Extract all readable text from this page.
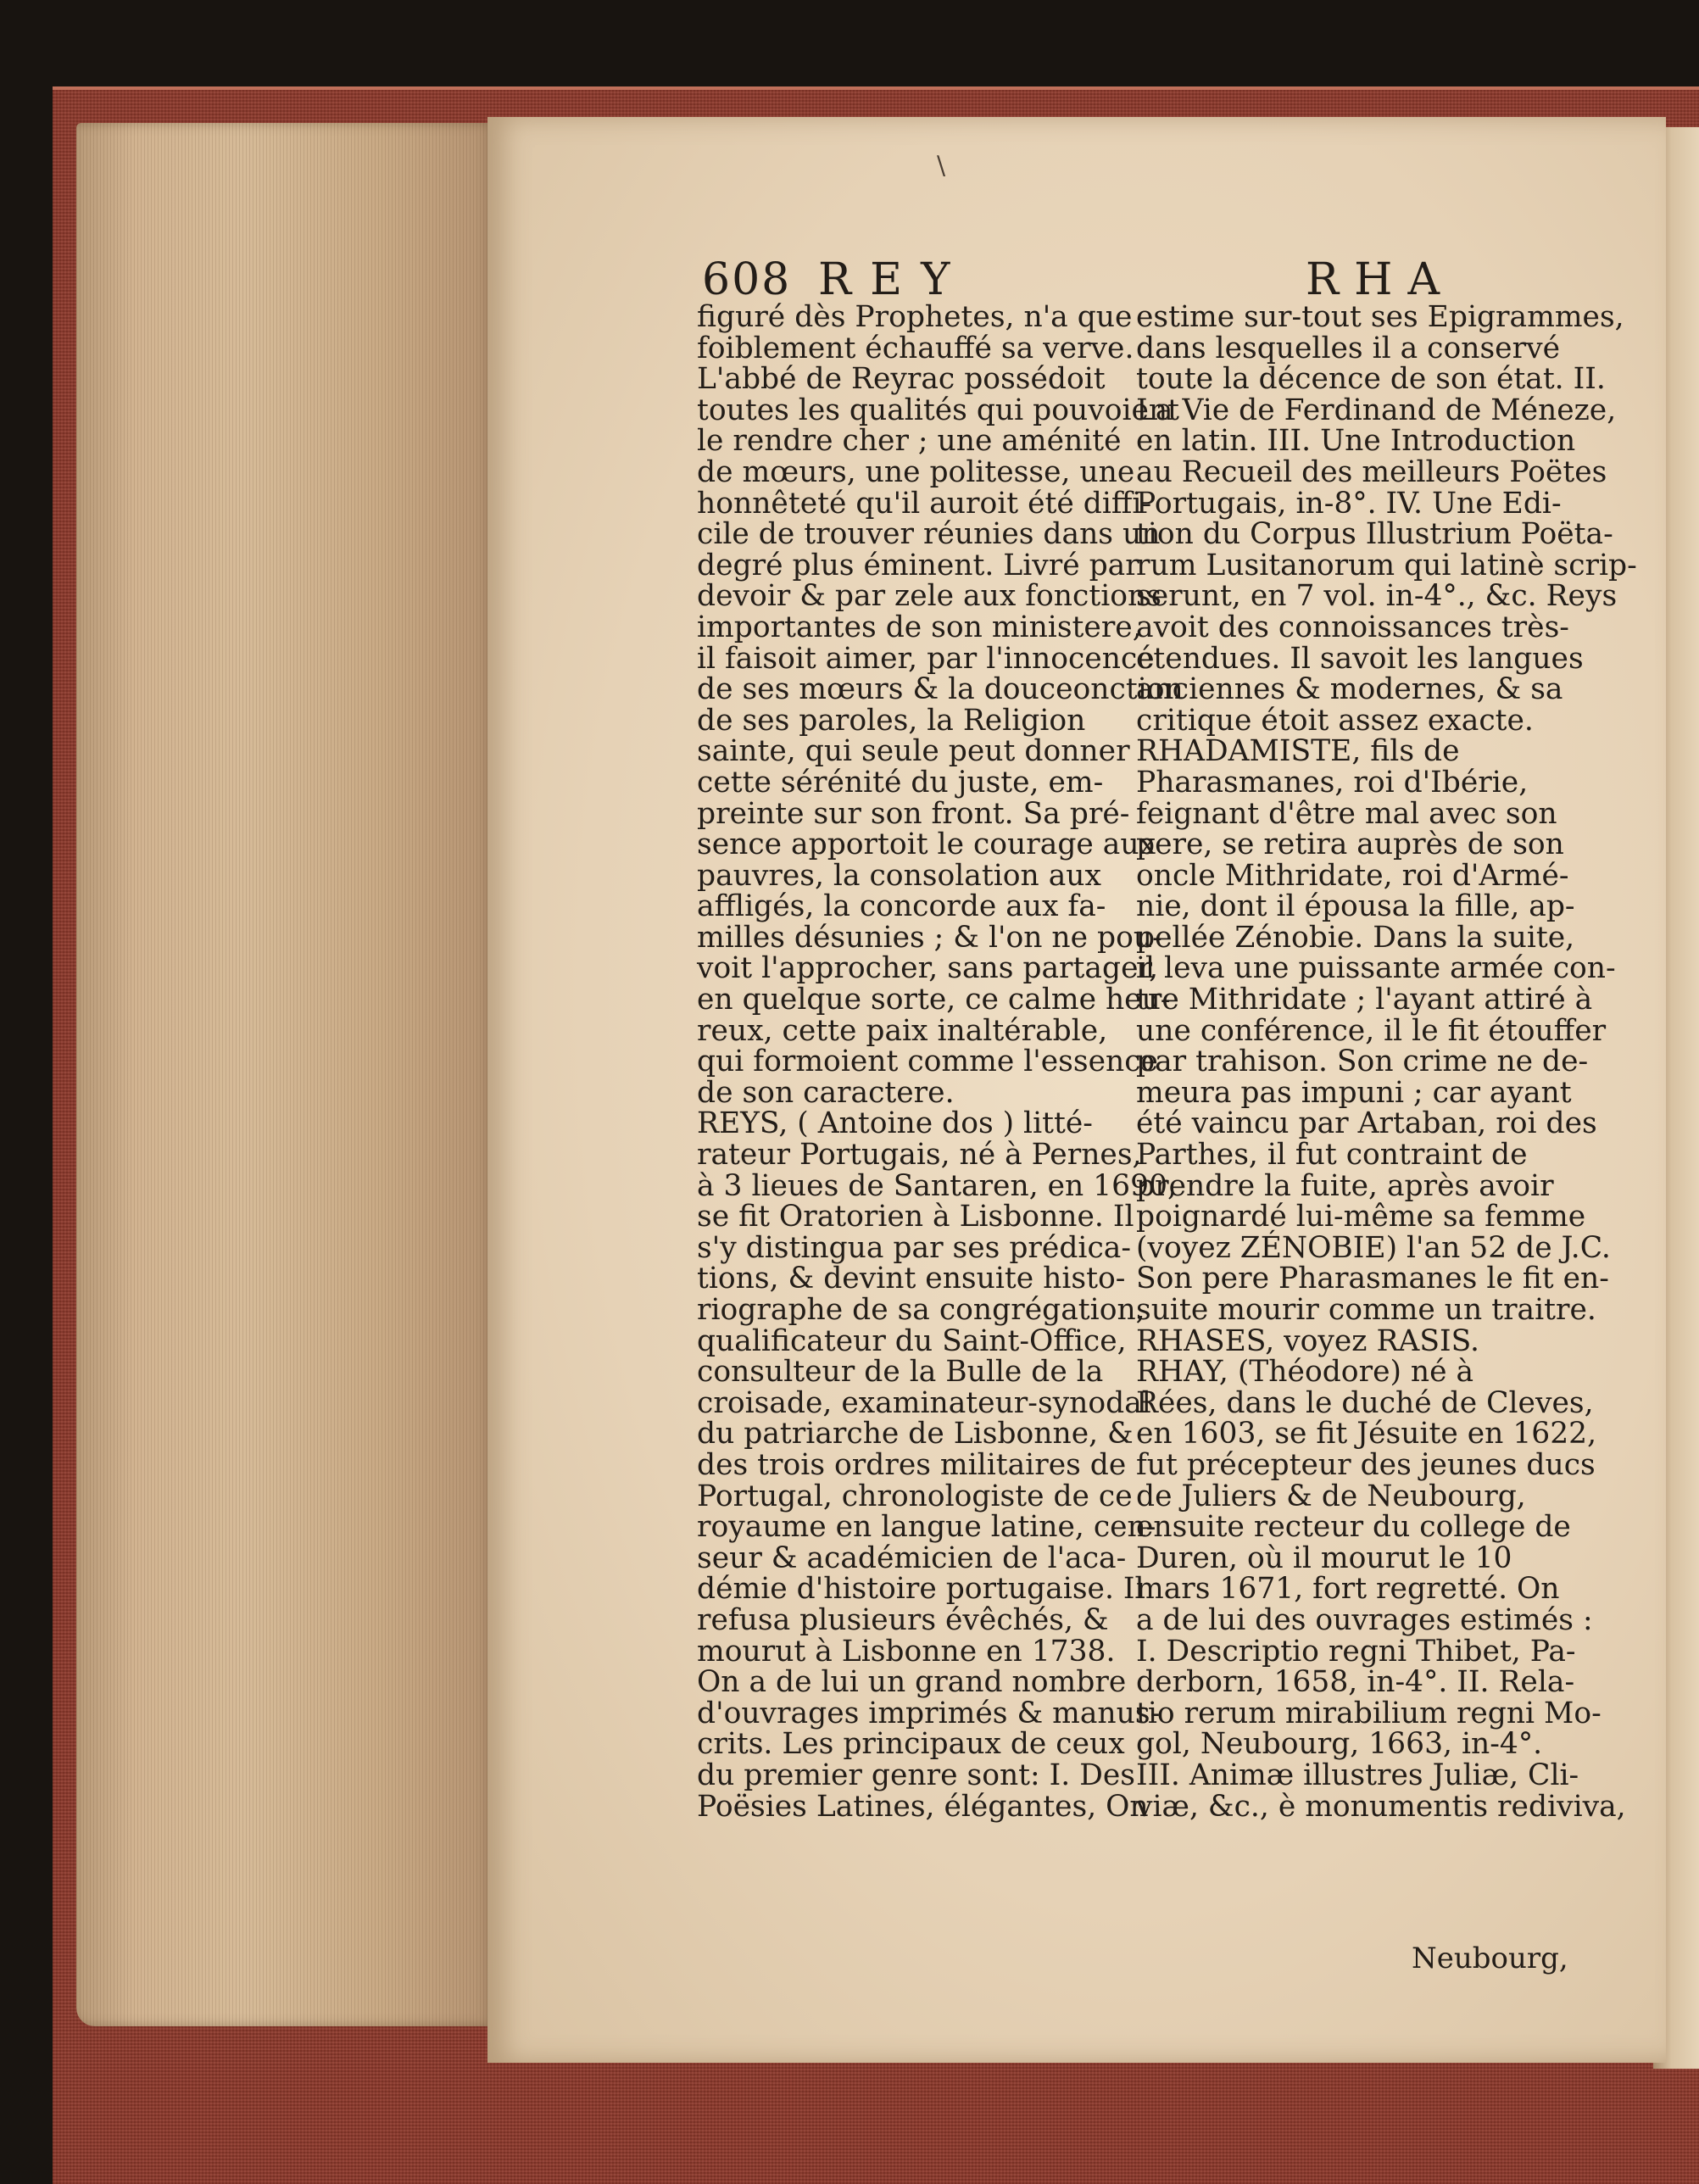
608 REY	RHA
figuré dès Prophetes, n'a que
foiblement échauffé sa verve.
L'abbé de Reyrac possédoit
toutes les qualités qui pouvoient
le rendre cher ; une aménité
de mœurs, une politesse, une
honnêteté qu'il auroit été diffi-
cile de trouver réunies dans un
degré plus éminent. Livré par
devoir & par zele aux fonctions
importantes de son ministere,
il faisoit aimer, par l'innocence
de ses mœurs & la douceonction
de ses paroles, la Religion
sainte, qui seule peut donner
cette sérénité du juste, em-
preinte sur son front. Sa pré-
sence apportoit le courage aux
pauvres, la consolation aux
affligés, la concorde aux fa-
milles désunies ; & l'on ne pou-
voit l'approcher, sans partager,
en quelque sorte, ce calme heu-
reux, cette paix inaltérable,
qui formoient comme l'essence
de son caractere.
REYS, ( Antoine dos ) litté-
rateur Portugais, né à Pernes,
à 3 lieues de Santaren, en 1690,
se fit Oratorien à Lisbonne. Il
s'y distingua par ses prédica-
tions, & devint ensuite histo-
riographe de sa congrégation,
qualificateur du Saint-Office,
consulteur de la Bulle de la
croisade, examinateur-synodal
du patriarche de Lisbonne, &
des trois ordres militaires de
Portugal, chronologiste de ce
royaume en langue latine, cen-
seur & académicien de l'aca-
démie d'histoire portugaise. Il
refusa plusieurs évêchés, &
mourut à Lisbonne en 1738.
On a de lui un grand nombre
d'ouvrages imprimés & manus-
crits. Les principaux de ceux
du premier genre sont: I. Des
Poësies Latines, élégantes, On
estime sur-tout ses Epigrammes,
dans lesquelles il a conservé
toute la décence de son état. II.
La Vie de Ferdinand de Méneze,
en latin. III. Une Introduction
au Recueil des meilleurs Poëtes
Portugais, in-8°. IV. Une Edi-
tion du Corpus Illustrium Poëta-
rum Lusitanorum qui latinè scrip-
serunt, en 7 vol. in-4°., &c. Reys
avoit des connoissances très-
étendues. Il savoit les langues
anciennes & modernes, & sa
critique étoit assez exacte.
RHADAMISTE, fils de
Pharasmanes, roi d'Ibérie,
feignant d'être mal avec son
pere, se retira auprès de son
oncle Mithridate, roi d'Armé-
nie, dont il épousa la fille, ap-
pellée Zénobie. Dans la suite,
il leva une puissante armée con-
tre Mithridate ; l'ayant attiré à
une conférence, il le fit étouffer
par trahison. Son crime ne de-
meura pas impuni ; car ayant
été vaincu par Artaban, roi des
Parthes, il fut contraint de
prendre la fuite, après avoir
poignardé lui-même sa femme
(voyez ZÉNOBIE) l'an 52 de J.C.
Son pere Pharasmanes le fit en-
suite mourir comme un traitre.
RHASES, voyez RASIS.
RHAY, (Théodore) né à
Rées, dans le duché de Cleves,
en 1603, se fit Jésuite en 1622,
fut précepteur des jeunes ducs
de Juliers & de Neubourg,
ensuite recteur du college de
Duren, où il mourut le 10
mars 1671, fort regretté. On
a de lui des ouvrages estimés :
I. Descriptio regni Thibet, Pa-
derborn, 1658, in-4°. II. Rela-
tio rerum mirabilium regni Mo-
gol, Neubourg, 1663, in-4°.
III. Animæ illustres Juliæ, Cli-
viæ, &c., è monumentis rediviva,
Neubourg,
\
